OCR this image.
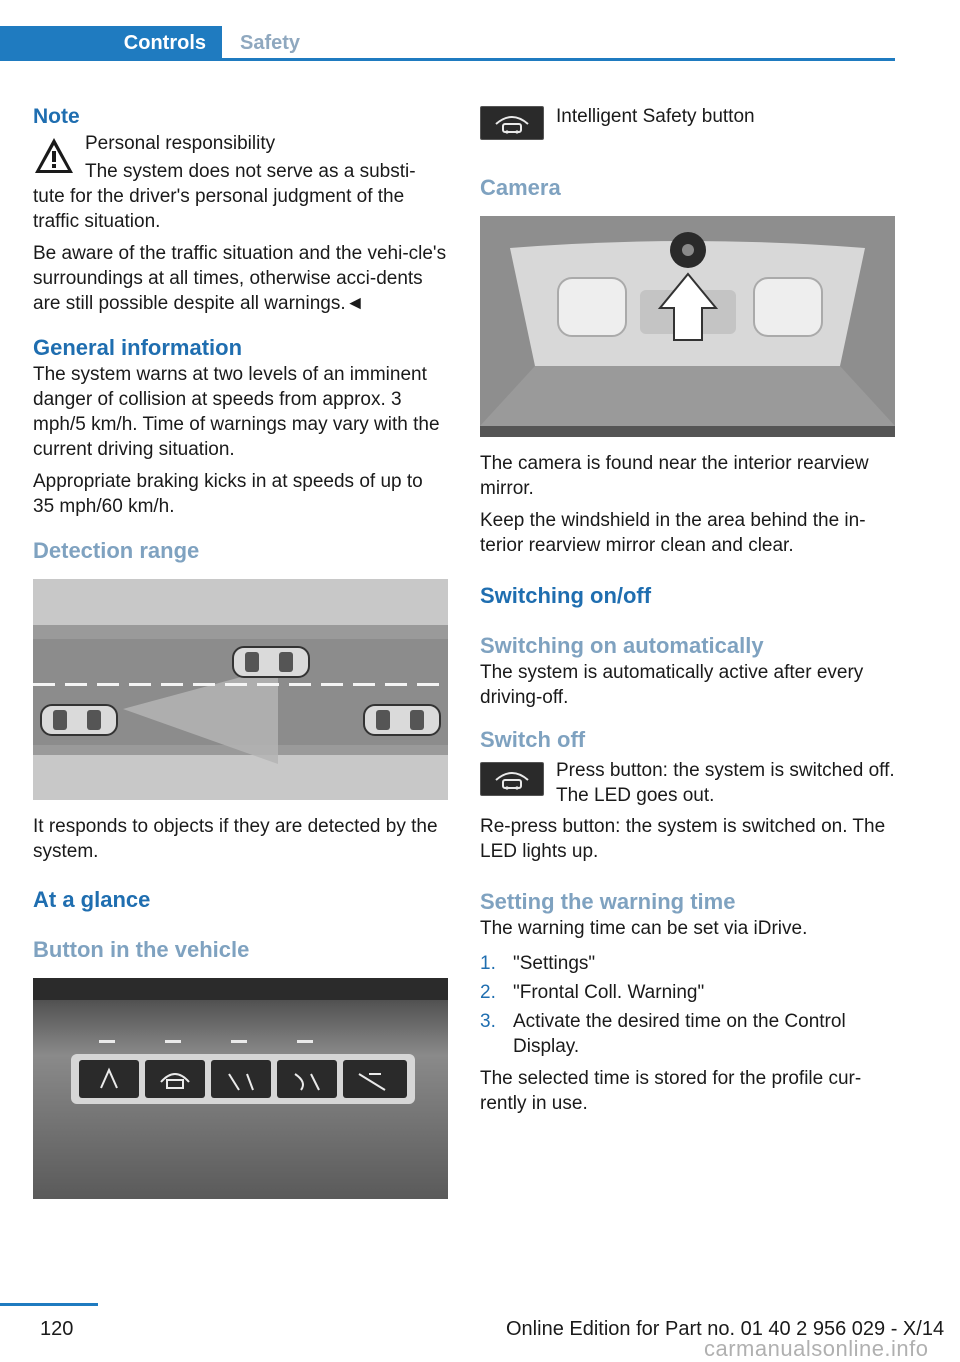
Controls	Safety
Note

Personal responsibility

The system does not serve as a substi-

tute for the driver's personal judgment of the traffic situation.

Be aware of the traffic situation and the vehi-cle's surroundings at all times, otherwise acci-dents are still possible despite all warnings.◄

General information

The system warns at two levels of an imminent danger of collision at speeds from approx. 3 mph/5 km/h. Time of warnings may vary with the current driving situation.

Appropriate braking kicks in at speeds of up to 35 mph/60 km/h.

Detection range

It responds to objects if they are detected by the system.

At a glance
Button in the vehicle
Intelligent Safety button
Camera

The camera is found near the interior rearview mirror.

Keep the windshield in the area behind the in-terior rearview mirror clean and clear.

Switching on/off
Switching on automatically

The system is automatically active after every driving-off.

Switch off
Press button: the system is switched off. The LED goes out.

Re-press button: the system is switched on. The LED lights up.

Setting the warning time

The warning time can be set via iDrive.

1. "Settings"
2. "Frontal Coll. Warning"
3. Activate the desired time on the Control Display.

The selected time is stored for the profile cur-rently in use.

120	Online Edition for Part no. 01 40 2 956 029 - X/14
carmanualsonline.info
